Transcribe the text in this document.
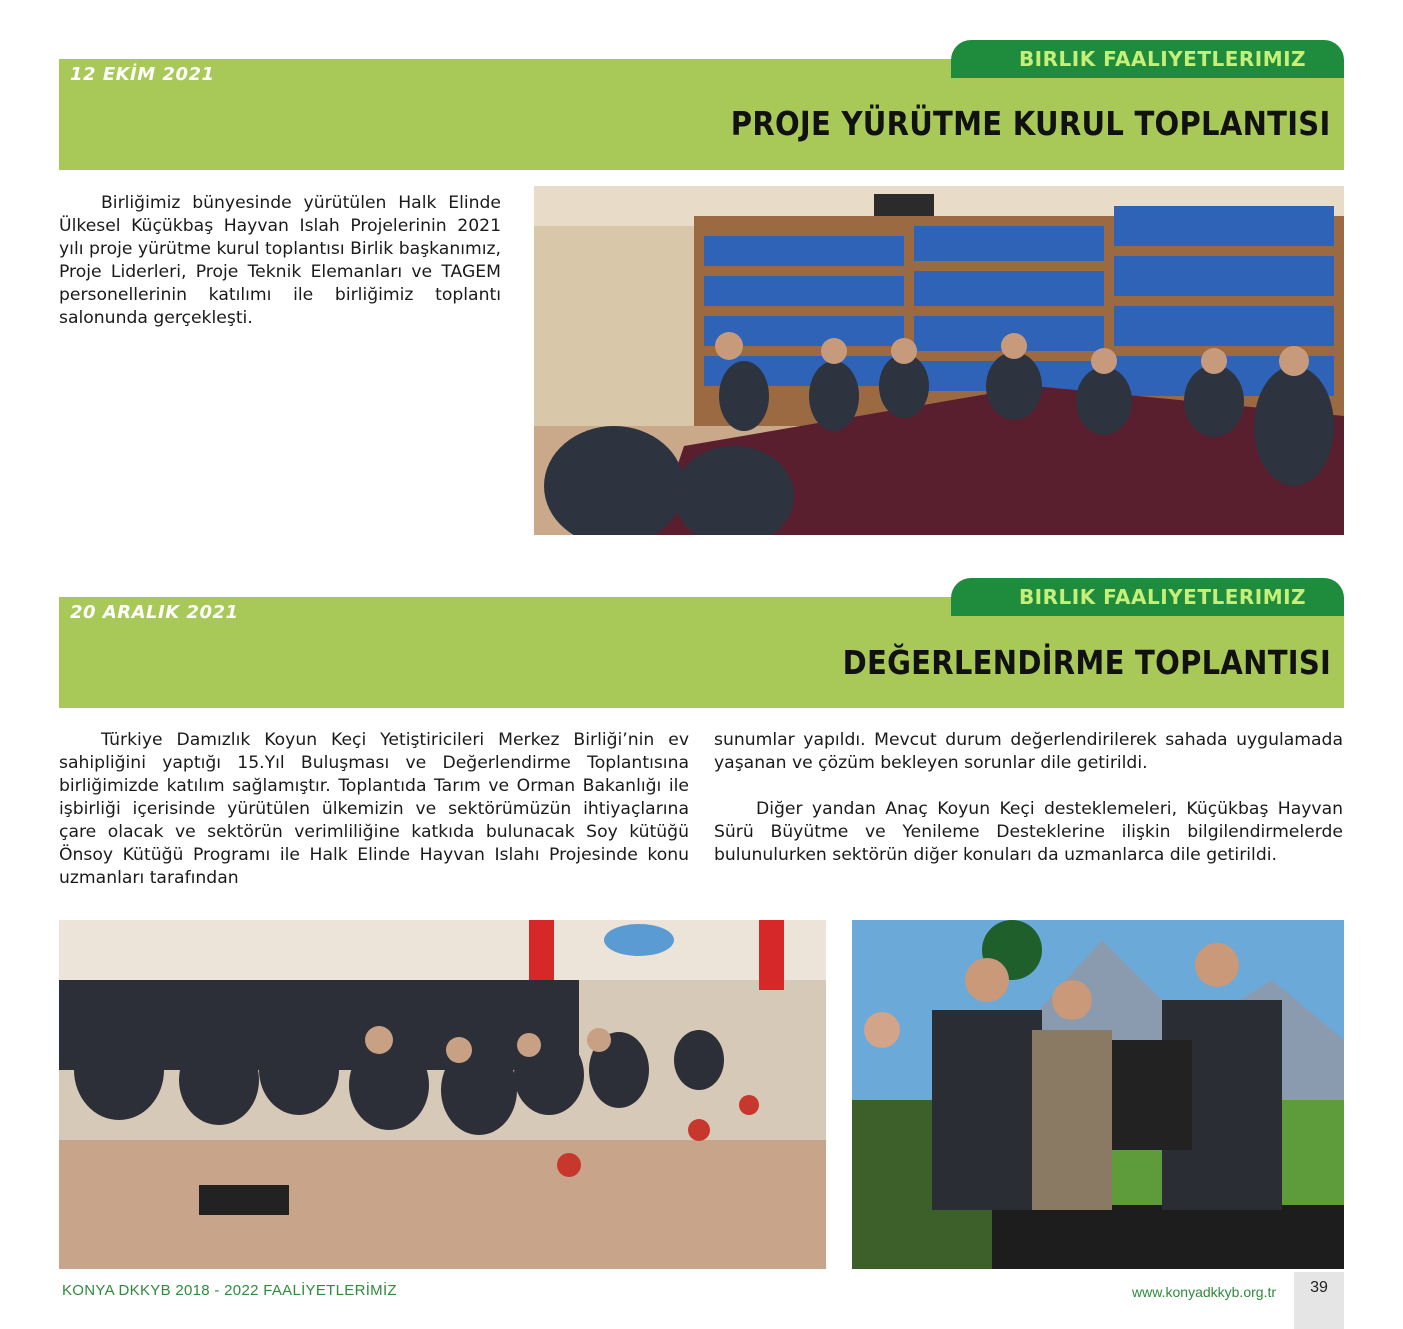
BIRLIK FAALIYETLERIMIZ
12 EKİM 2021
PROJE YÜRÜTME KURUL TOPLANTISI

Birliğimiz bünyesinde yürütülen Halk Elinde Ülkesel Küçükbaş Hayvan Islah Projelerinin 2021 yılı proje yürütme kurul toplantısı Birlik başkanımız, Proje Liderleri, Proje Teknik Elemanları ve TAGEM personellerinin katılımı ile birliğimiz toplantı salonunda gerçekleşti.

BIRLIK FAALIYETLERIMIZ
20 ARALIK 2021
DEĞERLENDİRME TOPLANTISI

Türkiye Damızlık Koyun Keçi Yetiştiricileri Merkez Birliği’nin ev sahipliğini yaptığı 15.Yıl Buluşması ve Değerlendirme Toplantısına birliğimizde katılım sağlamıştır. Toplantıda Tarım ve Orman Bakanlığı ile işbirliği içerisinde yürütülen ülkemizin ve sektörümüzün ihtiyaçlarına çare olacak ve sektörün verimliliğine katkıda bulunacak Soy kütüğü Önsoy Kütüğü Programı ile Halk Elinde Hayvan Islahı Projesinde konu uzmanları tarafından

sunumlar yapıldı. Mevcut durum değerlendirilerek sahada uygulamada yaşanan ve çözüm bekleyen sorunlar dile getirildi.

Diğer yandan Anaç Koyun Keçi desteklemeleri, Küçükbaş Hayvan Sürü Büyütme ve Yenileme Desteklerine ilişkin bilgilendirmelerde bulunulurken sektörün diğer konuları da uzmanlarca dile getirildi.

KONYA DKKYB 2018 - 2022 FAALİYETLERİMİZ	www.konyadkkyb.org.tr	39
